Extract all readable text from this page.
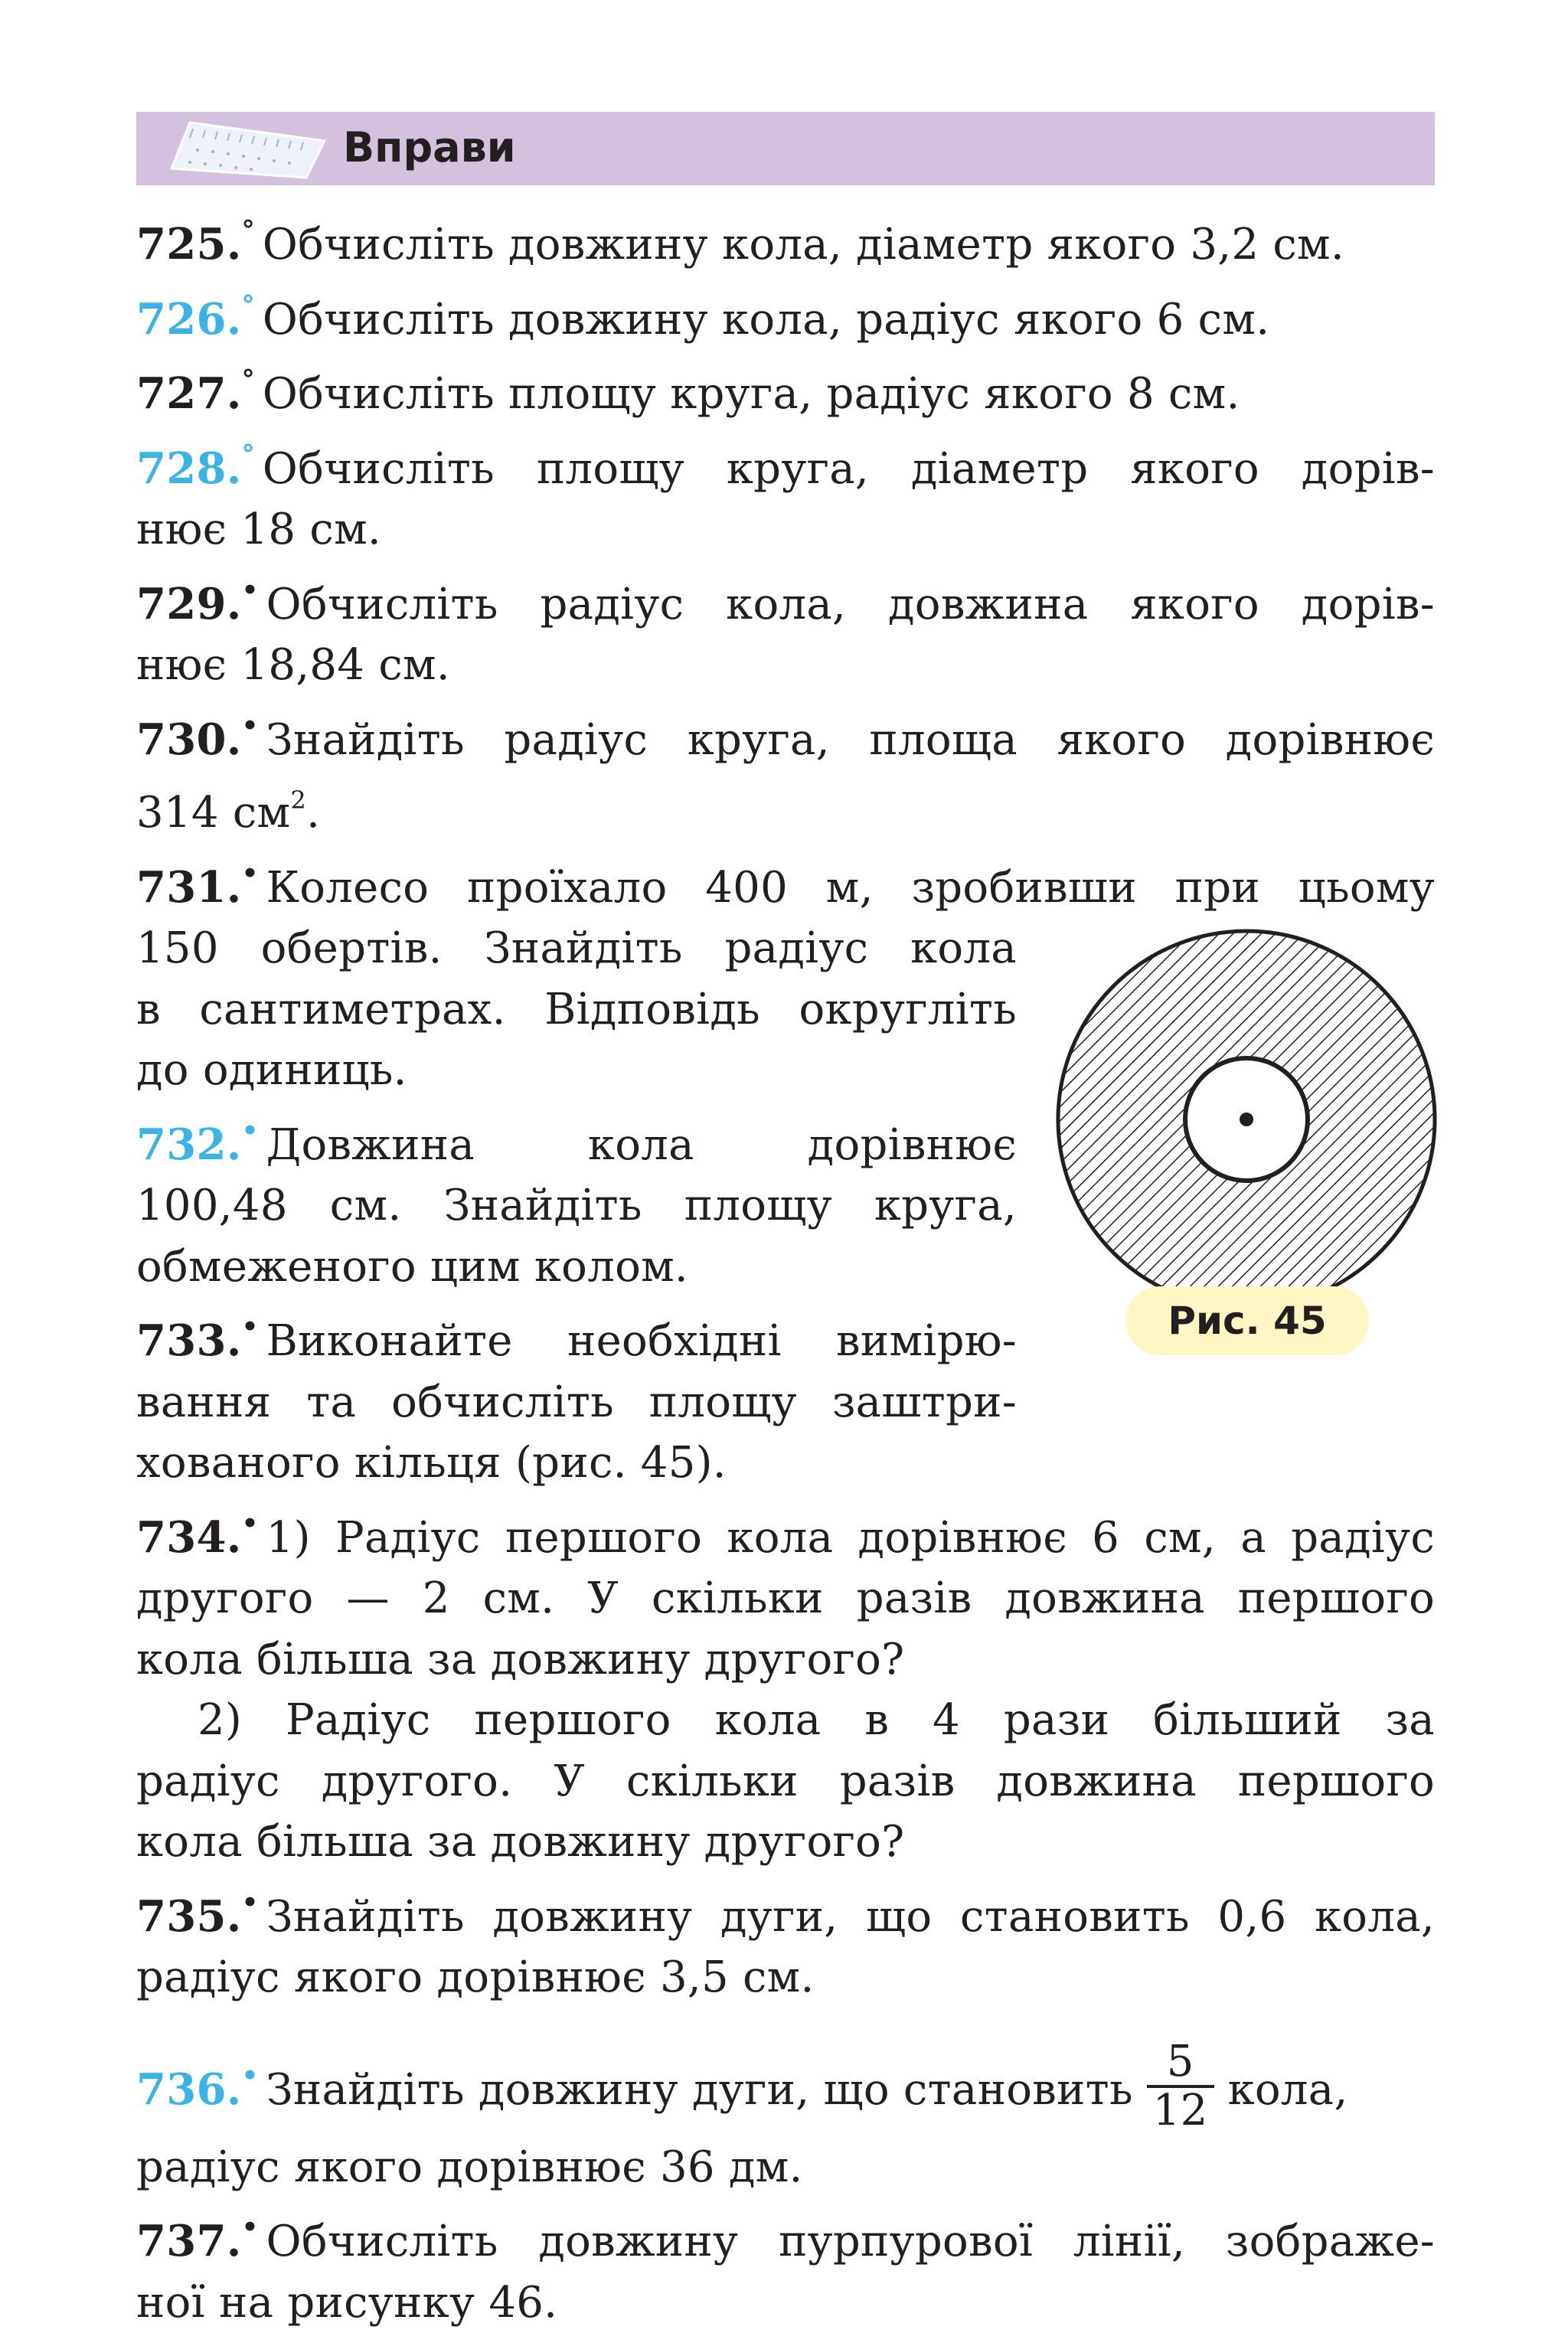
Вправи
725.° Обчисліть довжину кола, діаметр якого 3,2 см.
726.° Обчисліть довжину кола, радіус якого 6 см.
727.° Обчисліть площу круга, радіус якого 8 см.
728.° Обчисліть площу круга, діаметр якого дорів-
нює 18 см.
729.• Обчисліть радіус кола, довжина якого дорів-
нює 18,84 см.
730.• Знайдіть радіус круга, площа якого дорівнює
314 $см^2$.
731.• Колесо проїхало 400 м, зробивши при цьому
150 обертів. Знайдіть радіус кола
в сантиметрах. Відповідь округліть
до одиниць.
732.• Довжина кола дорівнює
100,48 см. Знайдіть площу круга,
обмеженого цим колом.
733.• Виконайте необхідні вимірю-
вання та обчисліть площу заштри-
хованого кільця (рис. 45).
734.• 1) Радіус першого кола дорівнює 6 см, а радіус
другого — 2 см. У скільки разів довжина першого
кола більша за довжину другого?
2) Радіус першого кола в 4 рази більший за
радіус другого. У скільки разів довжина першого
кола більша за довжину другого?
735.• Знайдіть довжину дуги, що становить 0,6 кола,
радіус якого дорівнює 3,5 см.
736.• Знайдіть довжину дуги, що становить $\frac{5}{12}$ кола,
радіус якого дорівнює 36 дм.
737.• Обчисліть довжину пурпурової лінії, зображе-
ної на рисунку 46.
Рис. 45
